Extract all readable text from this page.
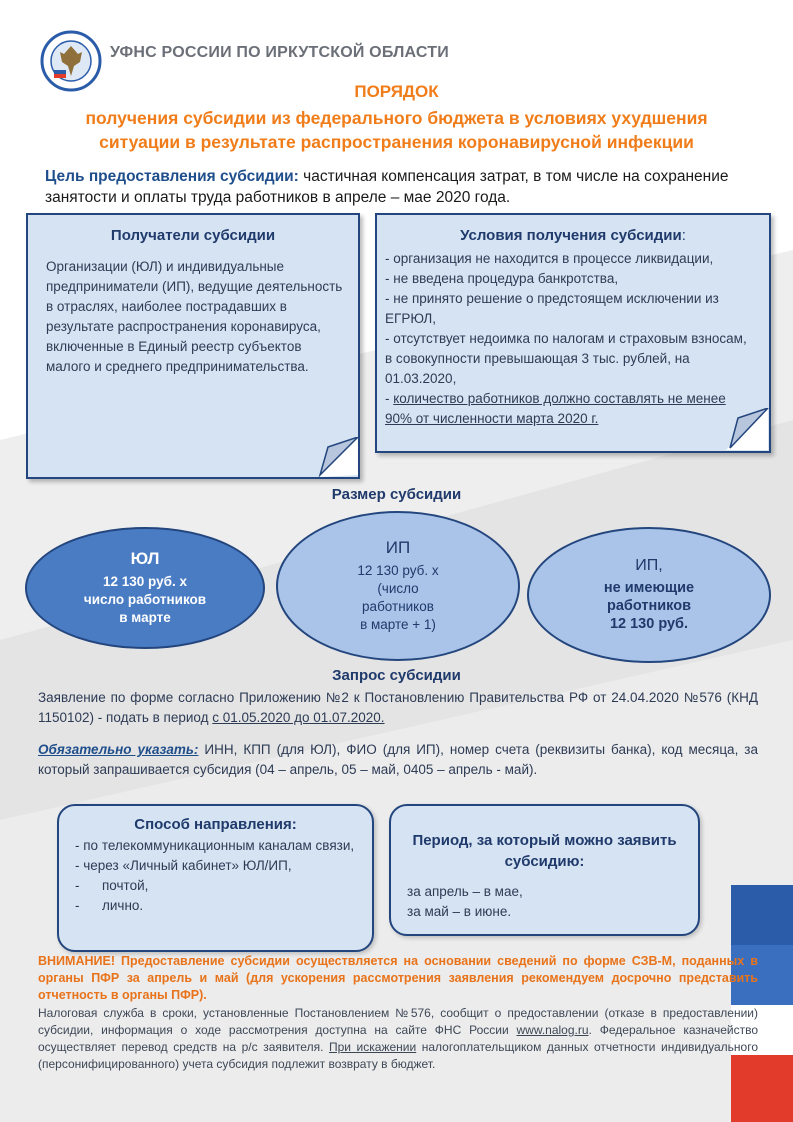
УФНС РОССИИ ПО ИРКУТСКОЙ ОБЛАСТИ
ПОРЯДОК
получения субсидии из федерального бюджета в условиях ухудшения
ситуации в результате распространения коронавирусной инфекции
Цель предоставления субсидии: частичная компенсация затрат, в том числе на сохранение занятости и оплаты труда работников в апреле – мае 2020 года.
Получатели субсидии
Организации (ЮЛ) и индивидуальные предприниматели (ИП), ведущие деятельность в отраслях, наиболее пострадавших в результате распространения коронавируса, включенные в Единый реестр субъектов малого и среднего предпринимательства.
Условия получения субсидии:

- организация не находится в процессе ликвидации,

- не введена процедура банкротства,

- не принято решение о предстоящем исключении из ЕГРЮЛ,

- отсутствует недоимка по налогам и страховым взносам, в совокупности превышающая 3 тыс. рублей, на 01.03.2020,

- количество работников должно составлять не менее 90% от численности марта 2020 г.

Размер субсидии
ЮЛ
12 130 руб. х
число работников
в марте
ИП
12 130 руб. х
(число
работников
в марте + 1)
ИП,
не имеющие
работников
12 130 руб.
Запрос субсидии
Заявление по форме согласно Приложению №2 к Постановлению Правительства РФ от 24.04.2020 №576 (КНД 1150102) - подать в период с 01.05.2020 до 01.07.2020.
Обязательно указать: ИНН, КПП (для ЮЛ), ФИО (для ИП), номер счета (реквизиты банка), код месяца, за который запрашивается субсидия (04 – апрель, 05 – май, 0405 – апрель - май).
Способ направления:

- по телекоммуникационным каналам связи,

- через «Личный кабинет» ЮЛ/ИП,

-      почтой,

-      лично.

Период, за который можно заявить субсидию:

за апрель – в мае,

за май – в июне.

ВНИМАНИЕ! Предоставление субсидии осуществляется на основании сведений по форме СЗВ-М, поданных в органы ПФР за апрель и май (для ускорения рассмотрения заявления рекомендуем досрочно представить отчетность в органы ПФР).
Налоговая служба в сроки, установленные Постановлением №576, сообщит о предоставлении (отказе в предоставлении) субсидии, информация о ходе рассмотрения доступна на сайте ФНС России www.nalog.ru. Федеральное казначейство осуществляет перевод средств на р/с заявителя. При искажении налогоплательщиком данных отчетности индивидуального (персонифицированного) учета субсидия подлежит возврату в бюджет.
